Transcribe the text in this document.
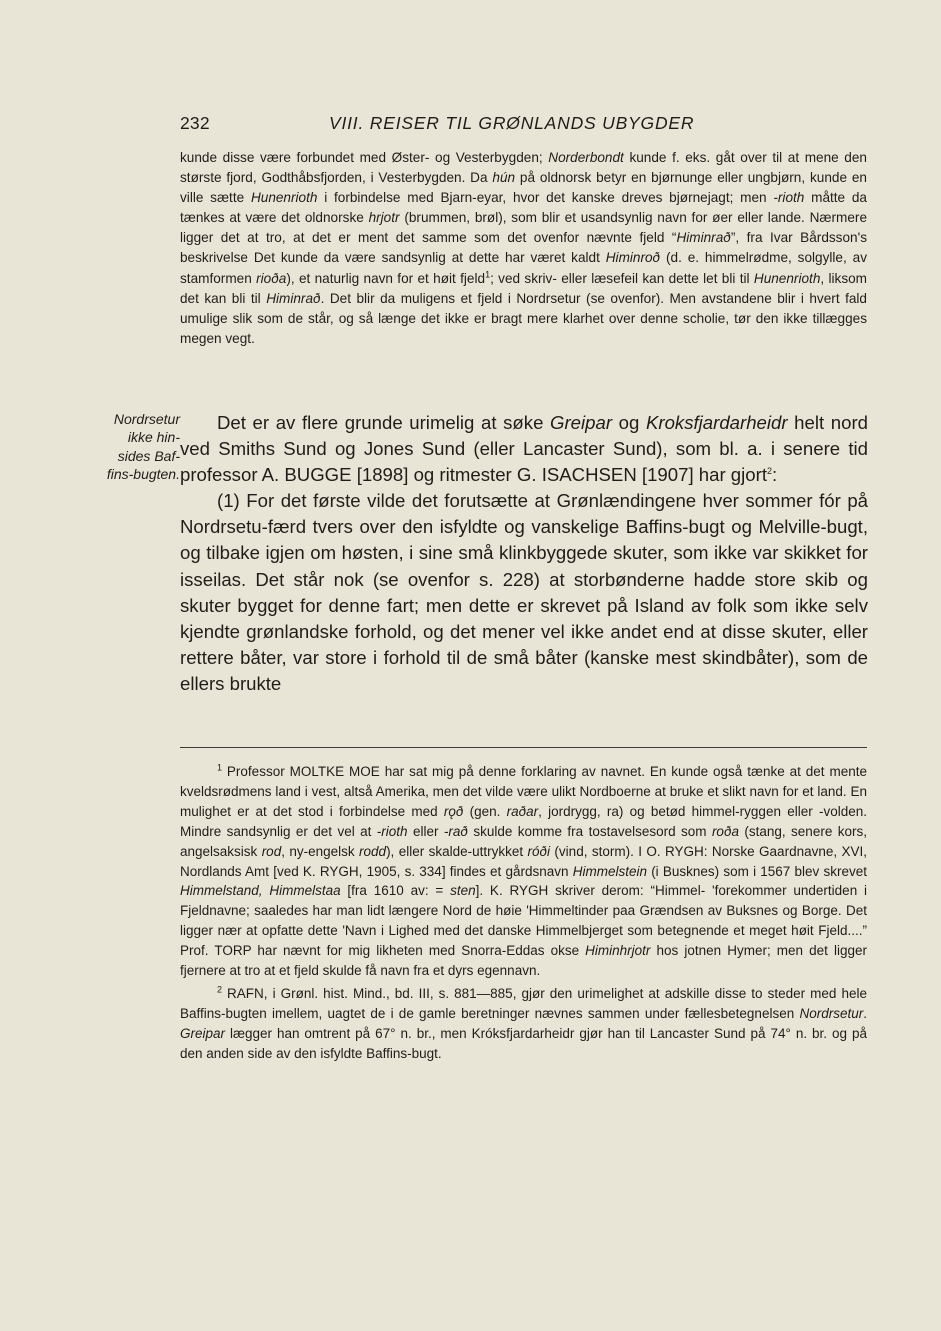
232	VIII. REISER TIL GRØNLANDS UBYGDER

kunde disse være forbundet med Øster- og Vesterbygden; Norderbondt kunde f. eks. gåt over til at mene den største fjord, Godthåbsfjorden, i Vesterbygden. Da hún på oldnorsk betyr en bjørnunge eller ungbjørn, kunde en ville sætte Hunenrioth i forbindelse med Bjarn-eyar, hvor det kanske dreves bjørnejagt; men -rioth måtte da tænkes at være det oldnorske hrjotr (brummen, brøl), som blir et usandsynlig navn for øer eller lande. Nærmere ligger det at tro, at det er ment det samme som det ovenfor nævnte fjeld “Himinrað”, fra Ivar Bårdsson's beskrivelse Det kunde da være sandsynlig at dette har været kaldt Himinroð (d. e. himmelrødme, solgylle, av stamformen rioða), et naturlig navn for et høit fjeld$^1$; ved skriv- eller læsefeil kan dette let bli til Hunenrioth, liksom det kan bli til Himinrað. Det blir da muligens et fjeld i Nordrsetur (se ovenfor). Men avstandene blir i hvert fald umulige slik som de står, og så længe det ikke er bragt mere klarhet over denne scholie, tør den ikke tillægges megen vegt.

Nordrsetur
ikke hin-
sides Baf-
fins-bugten.

Det er av flere grunde urimelig at søke Greipar og Kroksfjardarheidr helt nord ved Smiths Sund og Jones Sund (eller Lancaster Sund), som bl. a. i senere tid professor A. BUGGE [1898] og ritmester G. ISACHSEN [1907] har gjort$^2$:

(1) For det første vilde det forutsætte at Grønlændingene hver sommer fór på Nordrsetu-færd tvers over den isfyldte og vanskelige Baffins-bugt og Melville-bugt, og tilbake igjen om høsten, i sine små klinkbyggede skuter, som ikke var skikket for isseilas. Det står nok (se ovenfor s. 228) at storbønderne hadde store skib og skuter bygget for denne fart; men dette er skrevet på Island av folk som ikke selv kjendte grønlandske forhold, og det mener vel ikke andet end at disse skuter, eller rettere båter, var store i forhold til de små båter (kanske mest skindbåter), som de ellers brukte

$^1$ Professor MOLTKE MOE har sat mig på denne forklaring av navnet. En kunde også tænke at det mente kveldsrødmens land i vest, altså Amerika, men det vilde være ulikt Nordboerne at bruke et slikt navn for et land. En mulighet er at det stod i forbindelse med rǫð (gen. raðar, jordrygg, ra) og betød himmel-ryggen eller -volden. Mindre sandsynlig er det vel at -rioth eller -rað skulde komme fra tostavelsesord som roða (stang, senere kors, angelsaksisk rod, ny-engelsk rodd), eller skalde-uttrykket róði (vind, storm). I O. RYGH: Norske Gaardnavne, XVI, Nordlands Amt [ved K. RYGH, 1905, s. 334] findes et gårdsnavn Himmelstein (i Busknes) som i 1567 blev skrevet Himmelstand, Himmelstaa [fra 1610 av: = sten]. K. RYGH skriver derom: “Himmel- 'forekommer undertiden i Fjeldnavne; saaledes har man lidt længere Nord de høie 'Himmeltinder paa Grændsen av Buksnes og Borge. Det ligger nær at opfatte dette 'Navn i Lighed med det danske Himmelbjerget som betegnende et meget høit Fjeld....” Prof. TORP har nævnt for mig likheten med Snorra-Eddas okse Himinhrjotr hos jotnen Hymer; men det ligger fjernere at tro at et fjeld skulde få navn fra et dyrs egennavn.

$^2$ RAFN, i Grønl. hist. Mind., bd. III, s. 881—885, gjør den urimelighet at adskille disse to steder med hele Baffins-bugten imellem, uagtet de i de gamle beretninger nævnes sammen under fællesbetegnelsen Nordrsetur. Greipar lægger han omtrent på 67° n. br., men Króksfjardarheidr gjør han til Lancaster Sund på 74° n. br. og på den anden side av den isfyldte Baffins-bugt.
